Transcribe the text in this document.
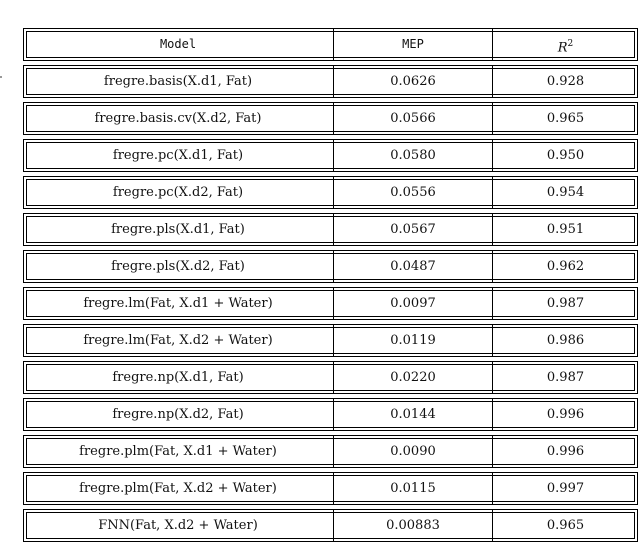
Model	MEP	$R^2$
fregre.basis(X.d1, Fat)	0.0626	0.928
fregre.basis.cv(X.d2, Fat)	0.0566	0.965
fregre.pc(X.d1, Fat)	0.0580	0.950
fregre.pc(X.d2, Fat)	0.0556	0.954
fregre.pls(X.d1, Fat)	0.0567	0.951
fregre.pls(X.d2, Fat)	0.0487	0.962
fregre.lm(Fat, X.d1 + Water)	0.0097	0.987
fregre.lm(Fat, X.d2 + Water)	0.0119	0.986
fregre.np(X.d1, Fat)	0.0220	0.987
fregre.np(X.d2, Fat)	0.0144	0.996
fregre.plm(Fat, X.d1 + Water)	0.0090	0.996
fregre.plm(Fat, X.d2 + Water)	0.0115	0.997
FNN(Fat, X.d2 + Water)	0.00883	0.965
